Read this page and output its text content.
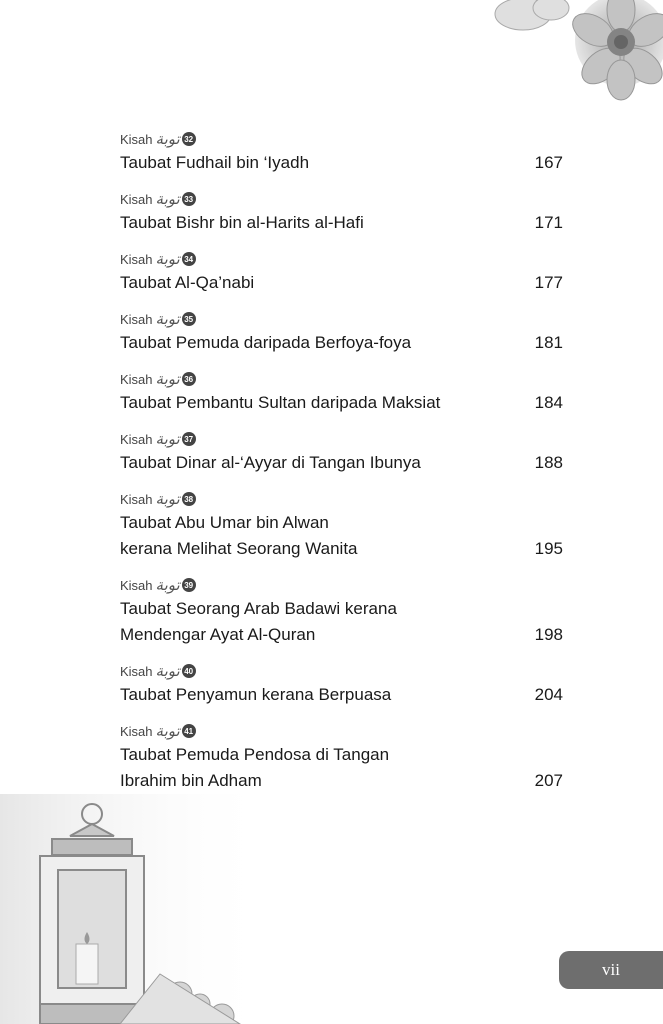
Kisah توبة 32
Taubat Fudhail bin ‘Iyadh	167
Kisah توبة 33
Taubat Bishr bin al-Harits al-Hafi	171
Kisah توبة 34
Taubat Al-Qa’nabi	177
Kisah توبة 35
Taubat Pemuda daripada Berfoya-foya	181
Kisah توبة 36
Taubat Pembantu Sultan daripada Maksiat	184
Kisah توبة 37
Taubat Dinar al-‘Ayyar di Tangan Ibunya	188
Kisah توبة 38
Taubat Abu Umar bin Alwan
kerana Melihat Seorang Wanita	195
Kisah توبة 39
Taubat Seorang Arab Badawi kerana
Mendengar Ayat Al-Quran	198
Kisah توبة 40
Taubat Penyamun kerana Berpuasa	204
Kisah توبة 41
Taubat Pemuda Pendosa di Tangan
Ibrahim bin Adham	207
vii
